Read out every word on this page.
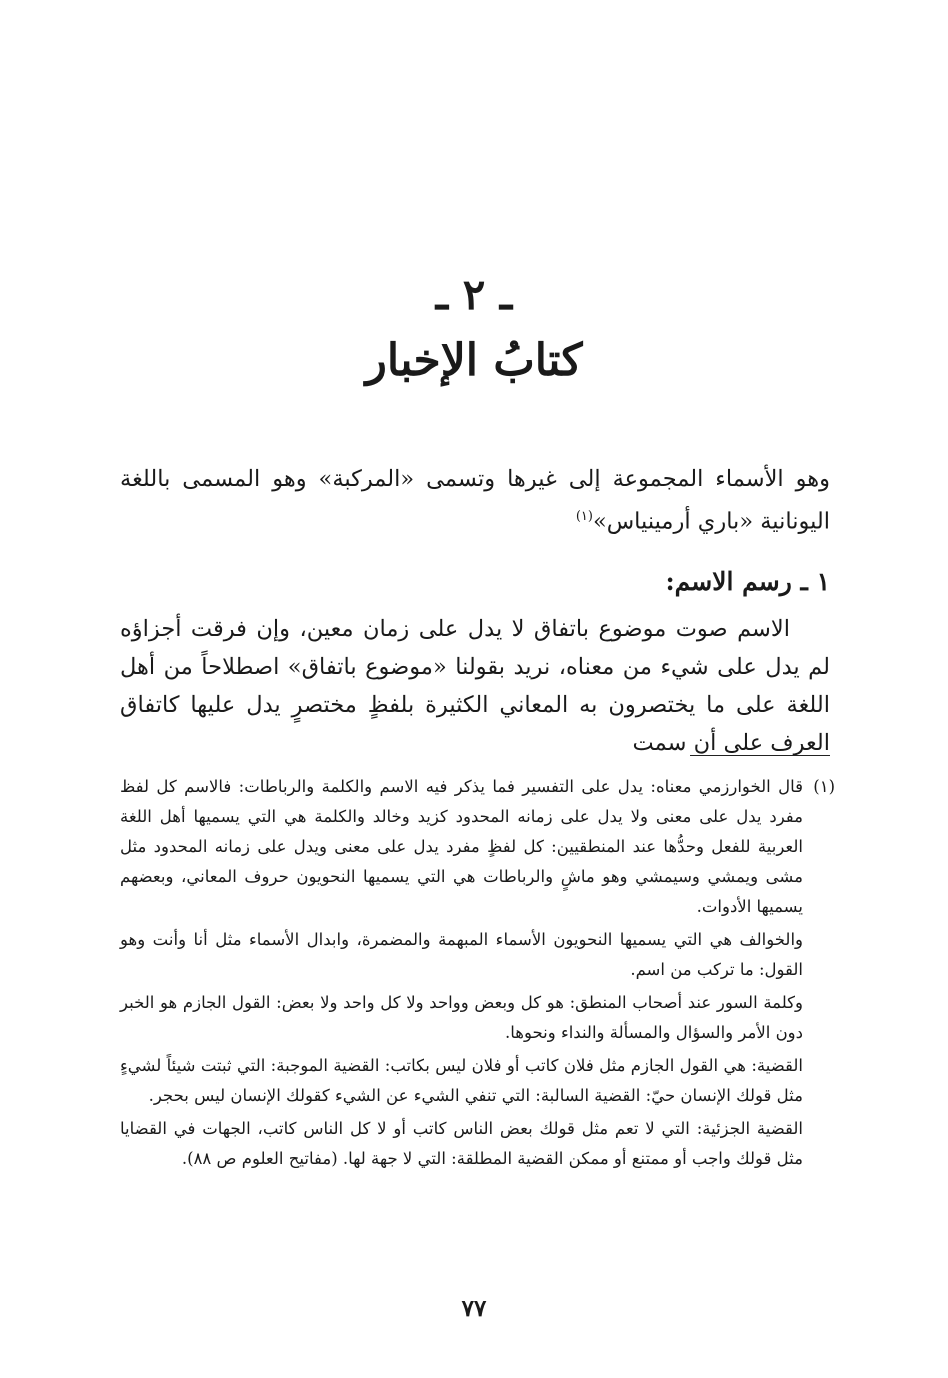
ـ ٢ ـ
كتابُ الإخبار
وهو الأسماء المجموعة إلى غيرها وتسمى «المركبة» وهو المسمى باللغة اليونانية «باري أرمينياس»$^{(١)}$
١ ـ رسم الاسم:

الاسم صوت موضوع باتفاق لا يدل على زمان معين، وإن فرقت أجزاؤه لم يدل على شيء من معناه، نريد بقولنا «موضوع باتفاق» اصطلاحاً من أهل اللغة على ما يختصرون به المعاني الكثيرة بلفظٍ مختصرٍ يدل عليها كاتفاق العرف على أن سمت

(١)
قال الخوارزمي معناه: يدل على التفسير فما يذكر فيه الاسم والكلمة والرباطات: فالاسم كل لفظ مفرد يدل على معنى ولا يدل على زمانه المحدود كزيد وخالد والكلمة هي التي يسميها أهل اللغة العربية للفعل وحدُّها عند المنطقيين: كل لفظٍ مفرد يدل على معنى ويدل على زمانه المحدود مثل مشى ويمشي وسيمشي وهو ماشٍ والرباطات هي التي يسميها النحويون حروف المعاني، وبعضهم يسميها الأدوات.
والخوالف هي التي يسميها النحويون الأسماء المبهمة والمضمرة، وابدال الأسماء مثل أنا وأنت وهو القول: ما تركب من اسم.
وكلمة السور عند أصحاب المنطق: هو كل وبعض وواحد ولا كل واحد ولا بعض: القول الجازم هو الخبر دون الأمر والسؤال والمسألة والنداء ونحوها.
القضية: هي القول الجازم مثل فلان كاتب أو فلان ليس بكاتب: القضية الموجبة: التي ثبتت شيئاً لشيءٍ مثل قولك الإنسان حيّ: القضية السالبة: التي تنفي الشيء عن الشيء كقولك الإنسان ليس بحجر.
القضية الجزئية: التي لا تعم مثل قولك بعض الناس كاتب أو لا كل الناس كاتب، الجهات في القضايا مثل قولك واجب أو ممتنع أو ممكن القضية المطلقة: التي لا جهة لها. (مفاتيح العلوم ص ٨٨).
٧٧
